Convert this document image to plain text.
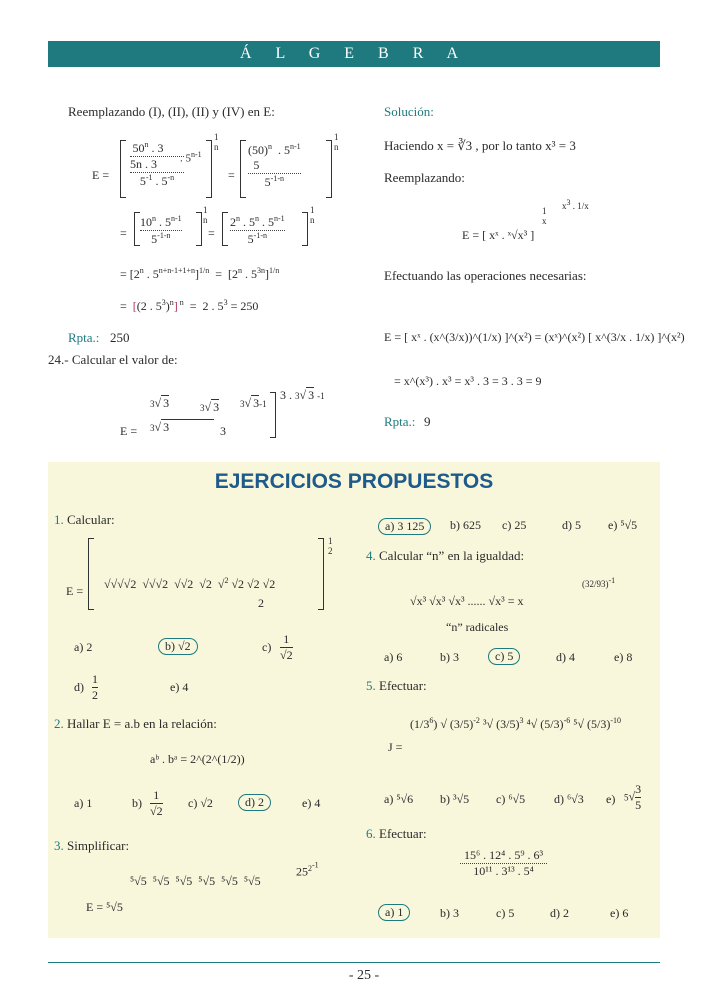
Á L G E B R A
Reemplazando (I), (II), (II) y (IV) en E:
E =
$50^n$ . 3
5n . 3
$5^{-1}$ . $5^{-n}$
. 5$^{n-1}$
1
n
=
$(50)^n$  . 5$^{n-1}$
5
$5^{-1-n}$
1
n
=
$10^n$ . 5$^{n-1}$
$5^{-1-n}$
1
n
=
$2^n$ . 5$^n$ . 5$^{n-1}$
$5^{-1-n}$
1
n
= [$2^n$ . $5^{n+n-1+1+n}]^{1/n} = [2^n$ . $5^{3n}]^{1/n}$
=  [(2 . $5^3)^n$] $^n$  =  2 . $5^3 = 250$
Rpta.: 250
24.- Calcular el valor de:
E =
3√ 3
3√ 3
3√ 3 3√ 3-1
3
3 . 3√ 3 -1
Solución:
Haciendo x = ∛3 , por lo tanto x³ = 3
Reemplazando:
E = [ xˣ . ˣ√x³ ]
1
x
$x^3$ . 1/x
Efectuando las operaciones necesarias:
E = [ xˣ . (x^(3/x))^(1/x) ]^(x²) = (xˣ)^(x²) [ x^(3/x . 1/x) ]^(x²)
= x^(x³) . x³ = x³ . 3 = 3 . 3 = 9
Rpta.: 9
EJERCICIOS PROPUESTOS
1. Calcular:
E = √√√√2  √√√2  √√2  √2  √$^2$ √2 √2 √2
2
1
2
a) 2	b) √2	c)
1
√2
d)
1
2
e) 4
2. Hallar E = a.b en la relación:
aᵇ . bᵃ = 2^(2^(1/2))
a) 1	b)
1
√2
c) √2	d) 2	e) 4
3. Simplificar:
⁵√5  ⁵√5  ⁵√5  ⁵√5  ⁵√5  ⁵√5
25$^{2^{-1}}$
E = ⁵√5
a) 3 125	b) 625 c) 25	d) 5 e) ⁵√5
4. Calcular “n” en la igualdad:
√x³ √x³ √x³ ...... √x³ = x
$(32/93)^{-1}$
“n” radicales
a) 6	b) 3	c) 5	d) 4	e) 8
5. Efectuar:
J =
$(1/3^6)$ √ $(3/5)^{-2}$ ³√ $(3/5)^3$ ⁴√ $(5/3)^{-6}$ ⁵√ $(5/3)^{-10}$
a) ⁵√6 b) ³√5 c) ⁶√5 d) ⁶√3 e) $5√ \frac{3}{5}$
6. Efectuar:
15⁶ . 12⁴ . 5⁹ . 6³
10¹¹ . 3¹³ . 5⁴
a) 1	b) 3	c) 5	d) 2	e) 6
- 25 -
